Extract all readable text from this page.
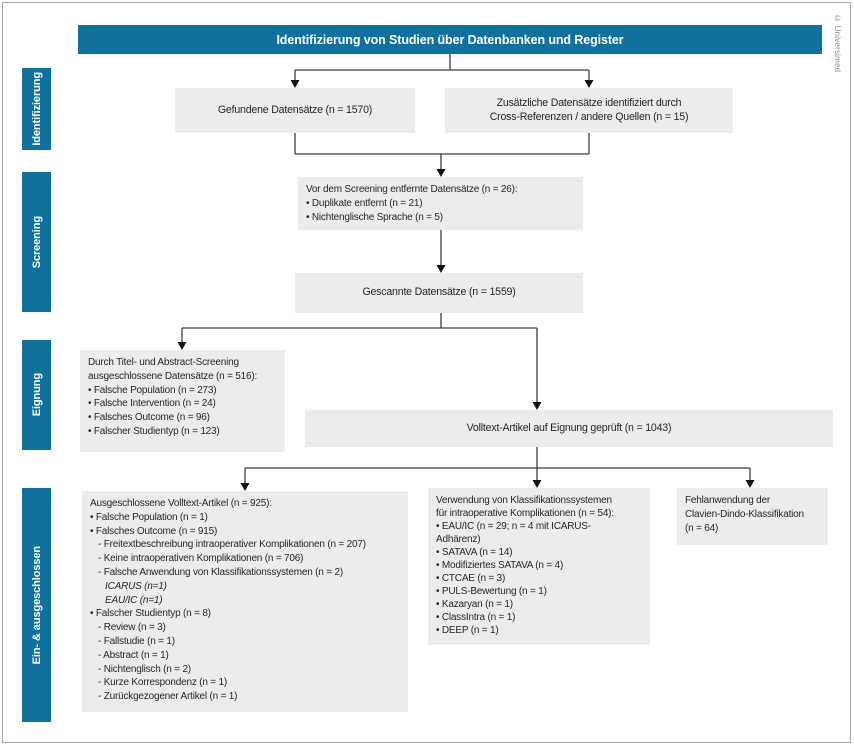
Identifizierung von Studien über Datenbanken und Register
Identifizierung
Screening
Eignung
Ein- & ausgeschlossen
Gefundene Datensätze (n = 1570)
Zusätzliche Datensätze identifiziert durch
Cross-Referenzen / andere Quellen (n = 15)
Vor dem Screening entfernte Datensätze (n = 26):
• Duplikate entfernt (n = 21)
• Nichtenglische Sprache (n = 5)
Gescannte Datensätze (n = 1559)
Durch Titel- und Abstract-Screening
ausgeschlossene Datensätze (n = 516):
• Falsche Population (n = 273)
• Falsche Intervention (n = 24)
• Falsches Outcome (n = 96)
• Falscher Studientyp (n = 123)	Volltext-Artikel auf Eignung geprüft (n = 1043)
Ausgeschlossene Volltext-Artikel (n = 925):
• Falsche Population (n = 1)
• Falsches Outcome (n = 915)
- Freitextbeschreibung intraoperativer Komplikationen (n = 207)
- Keine intraoperativen Komplikationen (n = 706)
- Falsche Anwendung von Klassifikationssystemen (n = 2)
ICARUS (n=1)
EAU/IC (n=1)
• Falscher Studientyp (n = 8)
- Review (n = 3)
- Fallstudie (n = 1)
- Abstract (n = 1)
- Nichtenglisch (n = 2)
- Kurze Korrespondenz (n = 1)
- Zurückgezogener Artikel (n = 1)
Verwendung von Klassifikationssystemen
für intraoperative Komplikationen (n = 54):
• EAU/IC (n = 29; n = 4 mit ICARUS-
Adhärenz)
• SATAVA (n = 14)
• Modifiziertes SATAVA (n = 4)
• CTCAE (n = 3)
• PULS-Bewertung (n = 1)
• Kazaryan (n = 1)
• ClassIntra (n = 1)
• DEEP (n = 1)
Fehlanwendung der
Clavien-Dindo-Klassifikation
(n = 64)
© Universimed
